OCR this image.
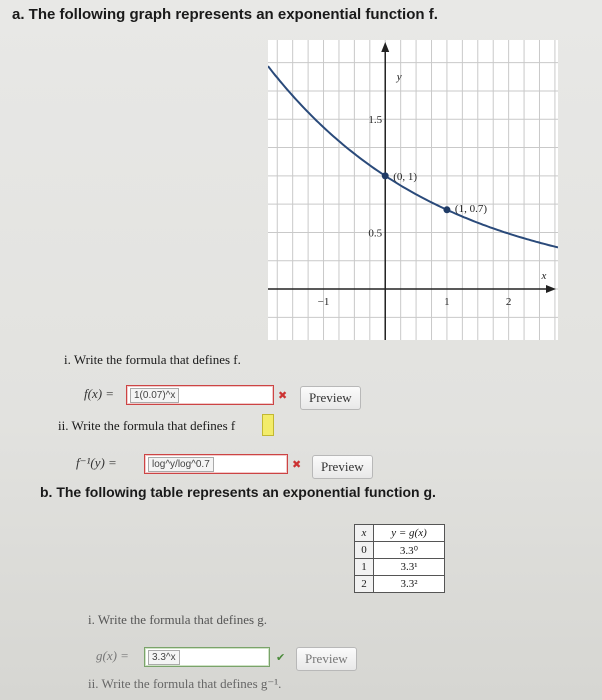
a. The following graph represents an exponential function f.
y
x
1.5
0.5
−1	1	2
(0, 1)
(1, 0.7)
i. Write the formula that defines f.
f(x) =	1(0.07)^x	✖	Preview
ii. Write the formula that defines f
f⁻¹(y) =	log^y/log^0.7	✖	Preview
b. The following table represents an exponential function g.
x	y = g(x)
0	3.3⁰
1	3.3¹
2	3.3²
i. Write the formula that defines g.
g(x) =	3.3^x	✔	Preview
ii. Write the formula that defines g⁻¹.
